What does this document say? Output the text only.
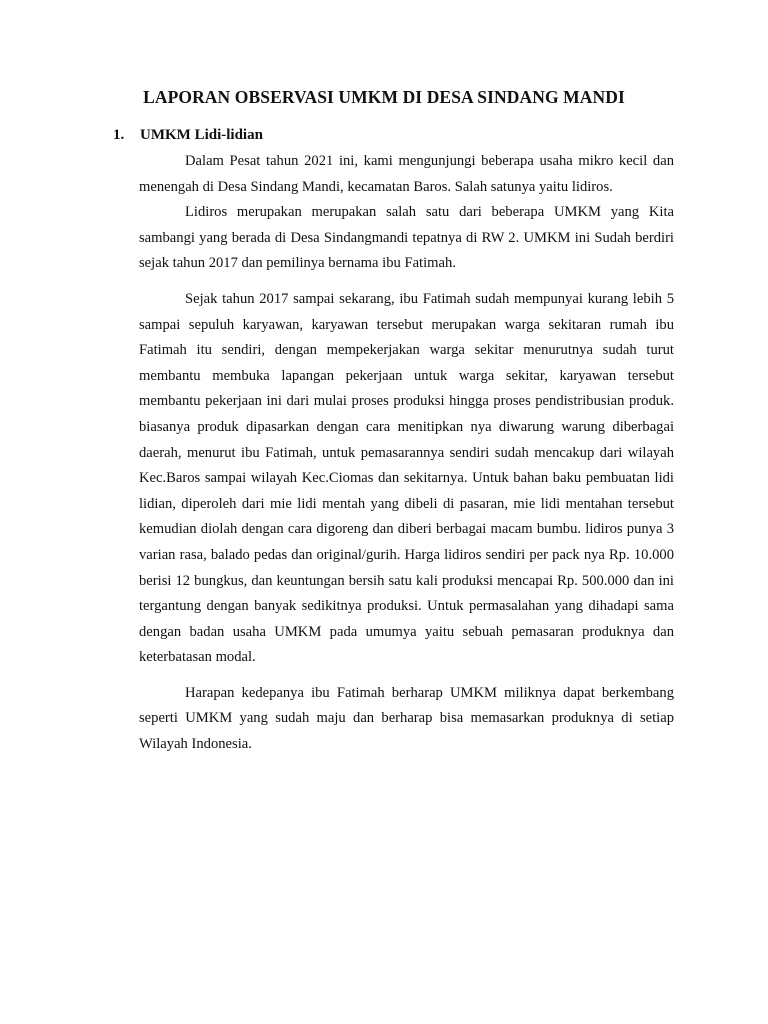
LAPORAN OBSERVASI UMKM DI DESA SINDANG MANDI
1. UMKM Lidi-lidian

Dalam Pesat tahun 2021 ini, kami mengunjungi beberapa usaha mikro kecil dan menengah di Desa Sindang Mandi, kecamatan Baros. Salah satunya yaitu lidiros.

Lidiros merupakan merupakan salah satu dari beberapa UMKM yang Kita sambangi yang berada di Desa Sindangmandi tepatnya di RW 2. UMKM ini Sudah berdiri sejak tahun 2017 dan pemilinya bernama ibu Fatimah.

Sejak tahun 2017 sampai sekarang, ibu Fatimah sudah mempunyai kurang lebih 5 sampai sepuluh karyawan, karyawan tersebut merupakan warga sekitaran rumah ibu Fatimah itu sendiri, dengan mempekerjakan warga sekitar menurutnya sudah turut membantu membuka lapangan pekerjaan untuk warga sekitar, karyawan tersebut membantu pekerjaan ini dari mulai proses produksi hingga proses pendistribusian produk. biasanya produk dipasarkan dengan cara menitipkan nya diwarung warung diberbagai daerah, menurut ibu Fatimah, untuk pemasarannya sendiri sudah mencakup dari wilayah Kec.Baros sampai wilayah Kec.Ciomas dan sekitarnya. Untuk bahan baku pembuatan lidi lidian, diperoleh dari mie lidi mentah yang dibeli di pasaran, mie lidi mentahan tersebut kemudian diolah dengan cara digoreng dan diberi berbagai macam bumbu. lidiros punya 3 varian rasa, balado pedas dan original/gurih. Harga lidiros sendiri per pack nya Rp. 10.000 berisi 12 bungkus, dan keuntungan bersih satu kali produksi mencapai Rp. 500.000 dan ini tergantung dengan banyak sedikitnya produksi. Untuk permasalahan yang dihadapi sama dengan badan usaha UMKM pada umumya yaitu sebuah pemasaran produknya dan keterbatasan modal.

Harapan kedepanya ibu Fatimah berharap UMKM miliknya dapat berkembang seperti UMKM yang sudah maju dan berharap bisa memasarkan produknya di setiap Wilayah Indonesia.
